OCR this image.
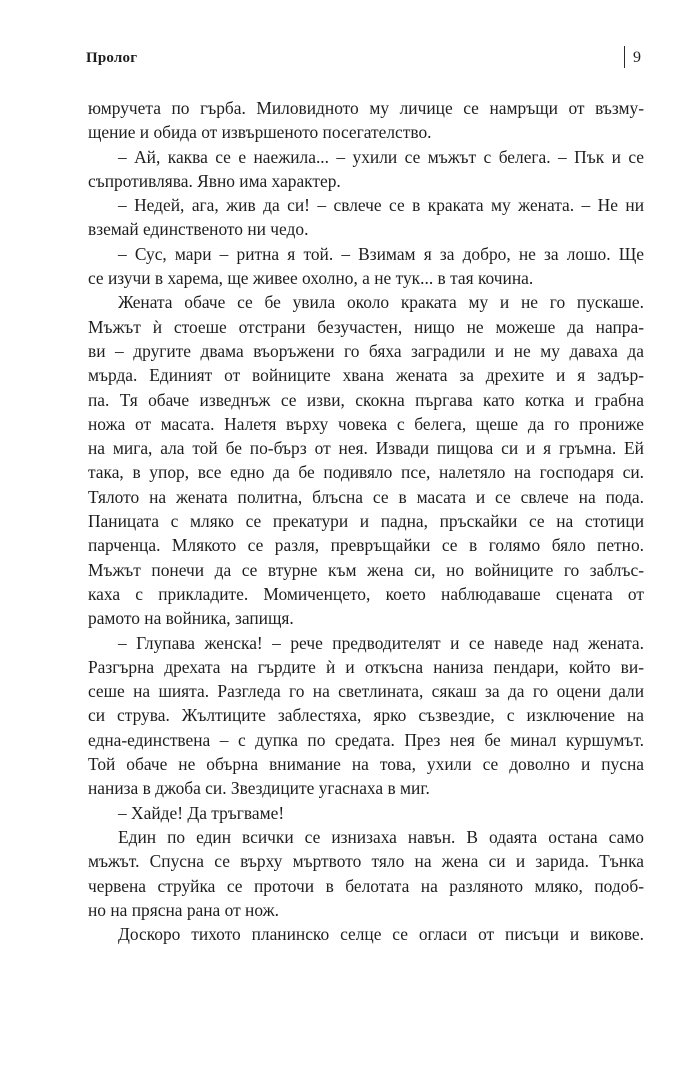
Пролог	9
юмручета по гърба. Миловидното му личице се намръщи от възму-
щение и обида от извършеното посегателство.
– Ай, каква се е наежила... – ухили се мъжът с белега. – Пък и се
съпротивлява. Явно има характер.
– Недей, ага, жив да си! – свлече се в краката му жената. – Не ни
вземай единственото ни чедо.
– Сус, мари – ритна я той. – Взимам я за добро, не за лошо. Ще
се изучи в харема, ще живее охолно, а не тук... в тая кочина.
Жената обаче се бе увила около краката му и не го пускаше.
Мъжът ѝ стоеше отстрани безучастен, нищо не можеше да напра-
ви – другите двама въоръжени го бяха заградили и не му даваха да
мърда. Единият от войниците хвана жената за дрехите и я задър-
па. Тя обаче изведнъж се изви, скокна пъргава като котка и грабна
ножа от масата. Налетя върху човека с белега, щеше да го прониже
на мига, ала той бе по-бърз от нея. Извади пищова си и я гръмна. Ей
така, в упор, все едно да бе подивяло псе, налетяло на господаря си.
Тялото на жената политна, блъсна се в масата и се свлече на пода.
Паницата с мляко се прекатури и падна, пръскайки се на стотици
парченца. Млякото се разля, превръщайки се в голямо бяло петно.
Мъжът понечи да се втурне към жена си, но войниците го заблъс-
каха с прикладите. Момиченцето, което наблюдаваше сцената от
рамото на войника, запищя.
– Глупава женска! – рече предводителят и се наведе над жената.
Разгърна дрехата на гърдите ѝ и откъсна наниза пендари, който ви-
сеше на шията. Разгледа го на светлината, сякаш за да го оцени дали
си струва. Жълтиците заблестяха, ярко съзвездие, с изключение на
една-единствена – с дупка по средата. През нея бе минал куршумът.
Той обаче не обърна внимание на това, ухили се доволно и пусна
наниза в джоба си. Звездиците угаснаха в миг.
– Хайде! Да тръгваме!
Един по един всички се изнизаха навън. В одаята остана само
мъжът. Спусна се върху мъртвото тяло на жена си и зарида. Тънка
червена струйка се проточи в белотата на разляното мляко, подоб-
но на прясна рана от нож.
Доскоро тихото планинско селце се огласи от писъци и викове.
